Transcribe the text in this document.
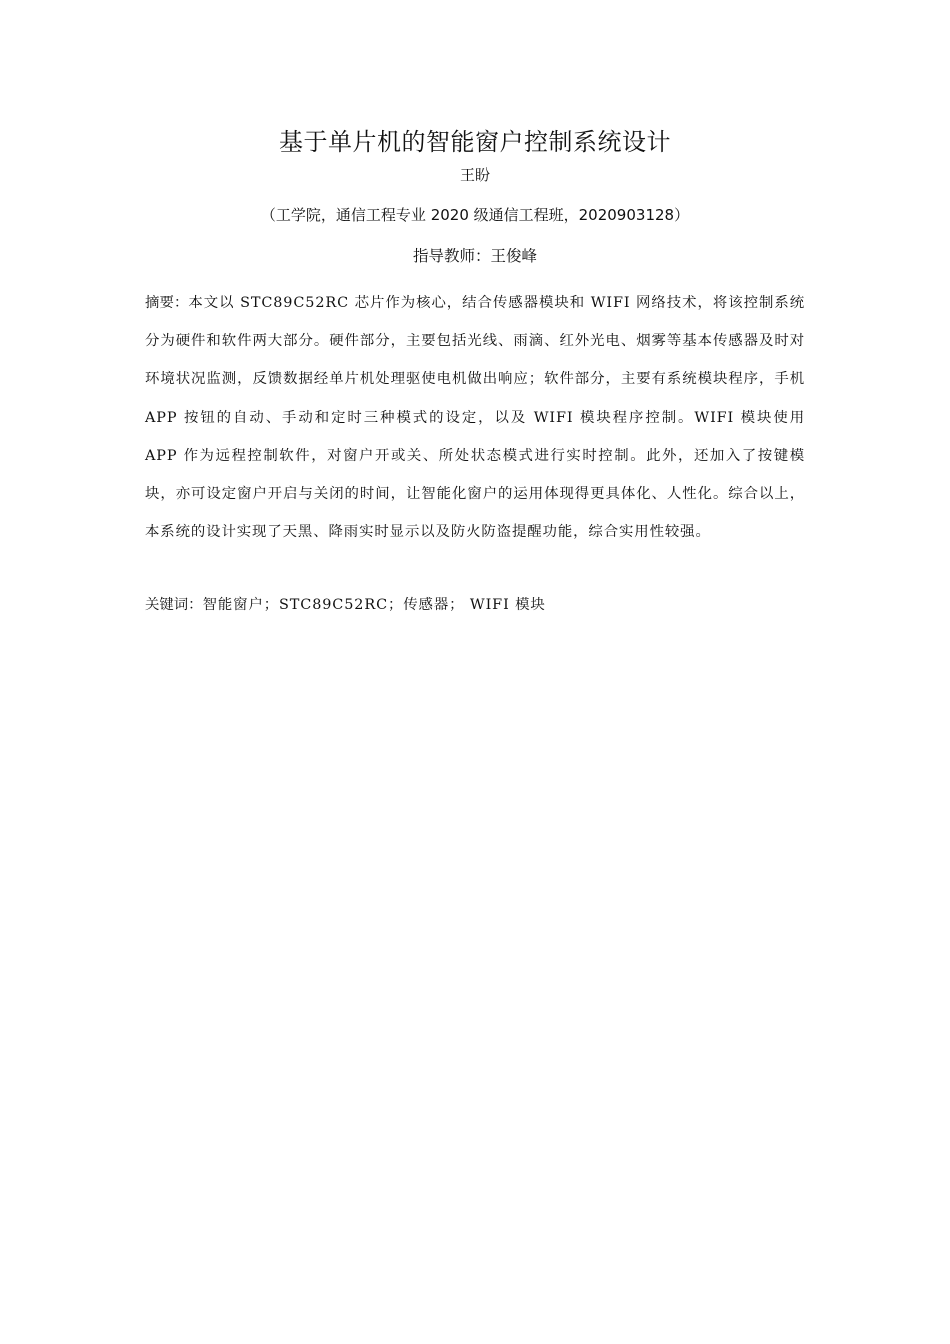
基于单片机的智能窗户控制系统设计
王盼
（工学院，通信工程专业 2020 级通信工程班，2020903128）
指导教师：王俊峰
摘要：本文以 STC89C52RC 芯片作为核心，结合传感器模块和 WIFI 网络技术，将该控制系统分为硬件和软件两大部分。硬件部分，主要包括光线、雨滴、红外光电、烟雾等基本传感器及时对环境状况监测，反馈数据经单片机处理驱使电机做出响应；软件部分，主要有系统模块程序，手机 APP 按钮的自动、手动和定时三种模式的设定，以及 WIFI 模块程序控制。WIFI 模块使用 APP 作为远程控制软件，对窗户开或关、所处状态模式进行实时控制。此外，还加入了按键模块，亦可设定窗户开启与关闭的时间，让智能化窗户的运用体现得更具体化、人性化。综合以上，本系统的设计实现了天黑、降雨实时显示以及防火防盗提醒功能，综合实用性较强。
关键词：智能窗户；STC89C52RC；传感器； WIFI 模块
